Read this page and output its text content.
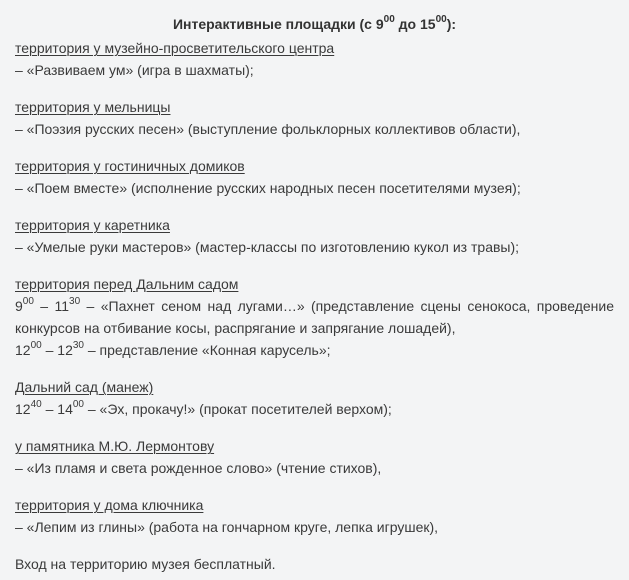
Интерактивные площадки (с $9^{00}$ до $15^{00}$):
территория у музейно-просветительского центра
– «Развиваем ум» (игра в шахматы);
территория у мельницы
– «Поэзия русских песен» (выступление фольклорных коллективов области),
территория у гостиничных домиков
– «Поем вместе» (исполнение русских народных песен посетителями музея);
территория у каретника
– «Умелые руки мастеров» (мастер-классы по изготовлению кукол из травы);
территория перед Дальним садом
$9^{00} - 11^{30}$ – «Пахнет сеном над лугами…» (представление сцены сенокоса, проведение конкурсов на отбивание косы, распрягание и запрягание лошадей),
$12^{00} - 12^{30}$ – представление «Конная карусель»;
Дальний сад (манеж)
$12^{40} - 14^{00}$ – «Эх, прокачу!» (прокат посетителей верхом);
у памятника М.Ю. Лермонтову
– «Из пламя и света рожденное слово» (чтение стихов),
территория у дома ключника
– «Лепим из глины» (работа на гончарном круге, лепка игрушек),
Вход на территорию музея бесплатный.
